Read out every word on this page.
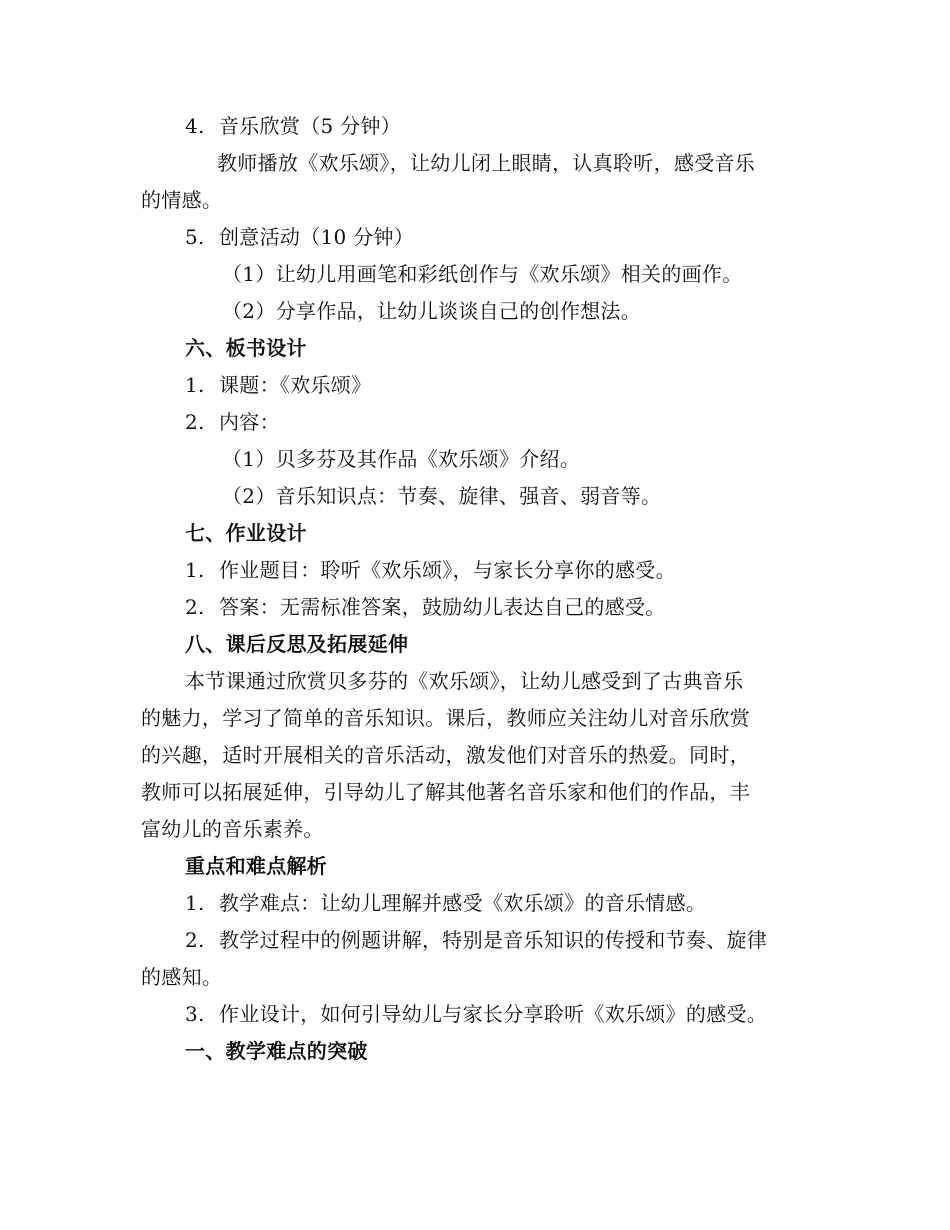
4. 音乐欣赏（5 分钟）
教师播放《欢乐颂》，让幼儿闭上眼睛，认真聆听，感受音乐
的情感。
5. 创意活动（10 分钟）
（1）让幼儿用画笔和彩纸创作与《欢乐颂》相关的画作。
（2）分享作品，让幼儿谈谈自己的创作想法。
六、板书设计
1. 课题：《欢乐颂》
2. 内容：
（1）贝多芬及其作品《欢乐颂》介绍。
（2）音乐知识点：节奏、旋律、强音、弱音等。
七、作业设计
1. 作业题目：聆听《欢乐颂》，与家长分享你的感受。
2. 答案：无需标准答案，鼓励幼儿表达自己的感受。
八、课后反思及拓展延伸
本节课通过欣赏贝多芬的《欢乐颂》，让幼儿感受到了古典音乐
的魅力，学习了简单的音乐知识。课后，教师应关注幼儿对音乐欣赏
的兴趣，适时开展相关的音乐活动，激发他们对音乐的热爱。同时，
教师可以拓展延伸，引导幼儿了解其他著名音乐家和他们的作品，丰
富幼儿的音乐素养。
重点和难点解析
1. 教学难点：让幼儿理解并感受《欢乐颂》的音乐情感。
2. 教学过程中的例题讲解，特别是音乐知识的传授和节奏、旋律
的感知。
3. 作业设计，如何引导幼儿与家长分享聆听《欢乐颂》的感受。
一、教学难点的突破
